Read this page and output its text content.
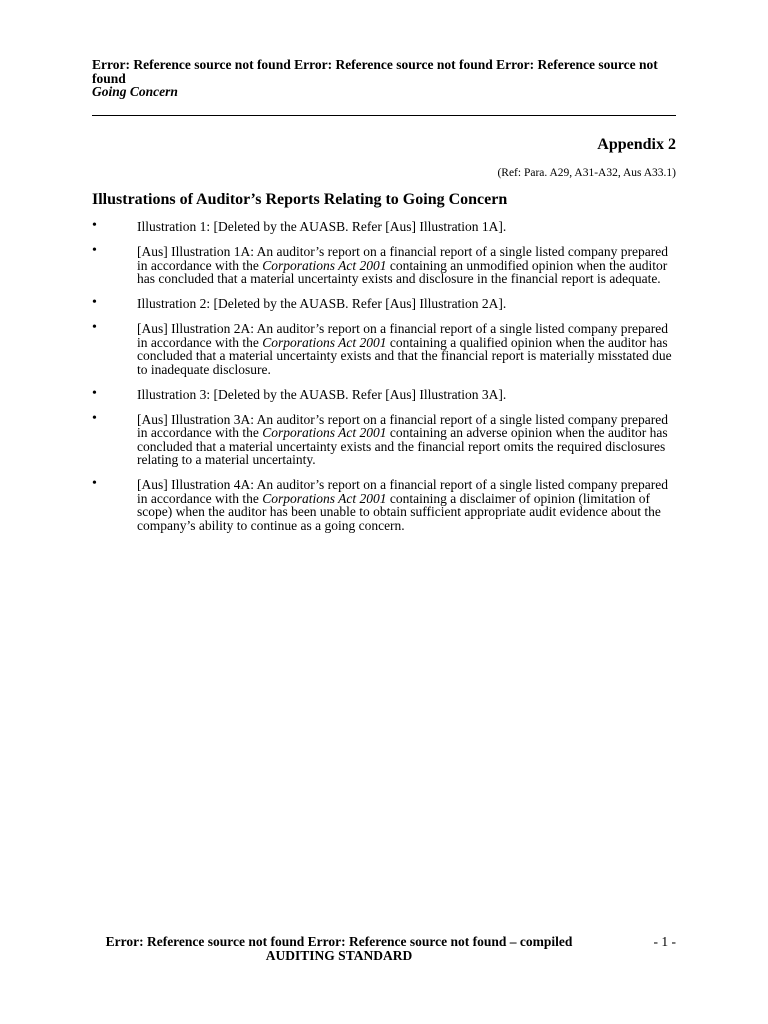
Error: Reference source not found Error: Reference source not found Error: Reference source not found
Going Concern
Appendix 2
(Ref: Para. A29, A31-A32, Aus A33.1)
Illustrations of Auditor’s Reports Relating to Going Concern
•	Illustration 1: [Deleted by the AUASB. Refer [Aus] Illustration 1A].
•	[Aus] Illustration 1A: An auditor’s report on a financial report of a single listed company prepared in accordance with the Corporations Act 2001 containing an unmodified opinion when the auditor has concluded that a material uncertainty exists and disclosure in the financial report is adequate.
•	Illustration 2: [Deleted by the AUASB. Refer [Aus] Illustration 2A].
•	[Aus] Illustration 2A: An auditor’s report on a financial report of a single listed company prepared in accordance with the Corporations Act 2001 containing a qualified opinion when the auditor has concluded that a material uncertainty exists and that the financial report is materially misstated due to inadequate disclosure.
•	Illustration 3: [Deleted by the AUASB. Refer [Aus] Illustration 3A].
•	[Aus] Illustration 3A: An auditor’s report on a financial report of a single listed company prepared in accordance with the Corporations Act 2001 containing an adverse opinion when the auditor has concluded that a material uncertainty exists and the financial report omits the required disclosures relating to a material uncertainty.
•	[Aus] Illustration 4A: An auditor’s report on a financial report of a single listed company prepared in accordance with the Corporations Act 2001 containing a disclaimer of opinion (limitation of scope) when the auditor has been unable to obtain sufficient appropriate audit evidence about the company’s ability to continue as a going concern.
Error: Reference source not found Error: Reference source not found – compiled
AUDITING STANDARD
- 1 -
